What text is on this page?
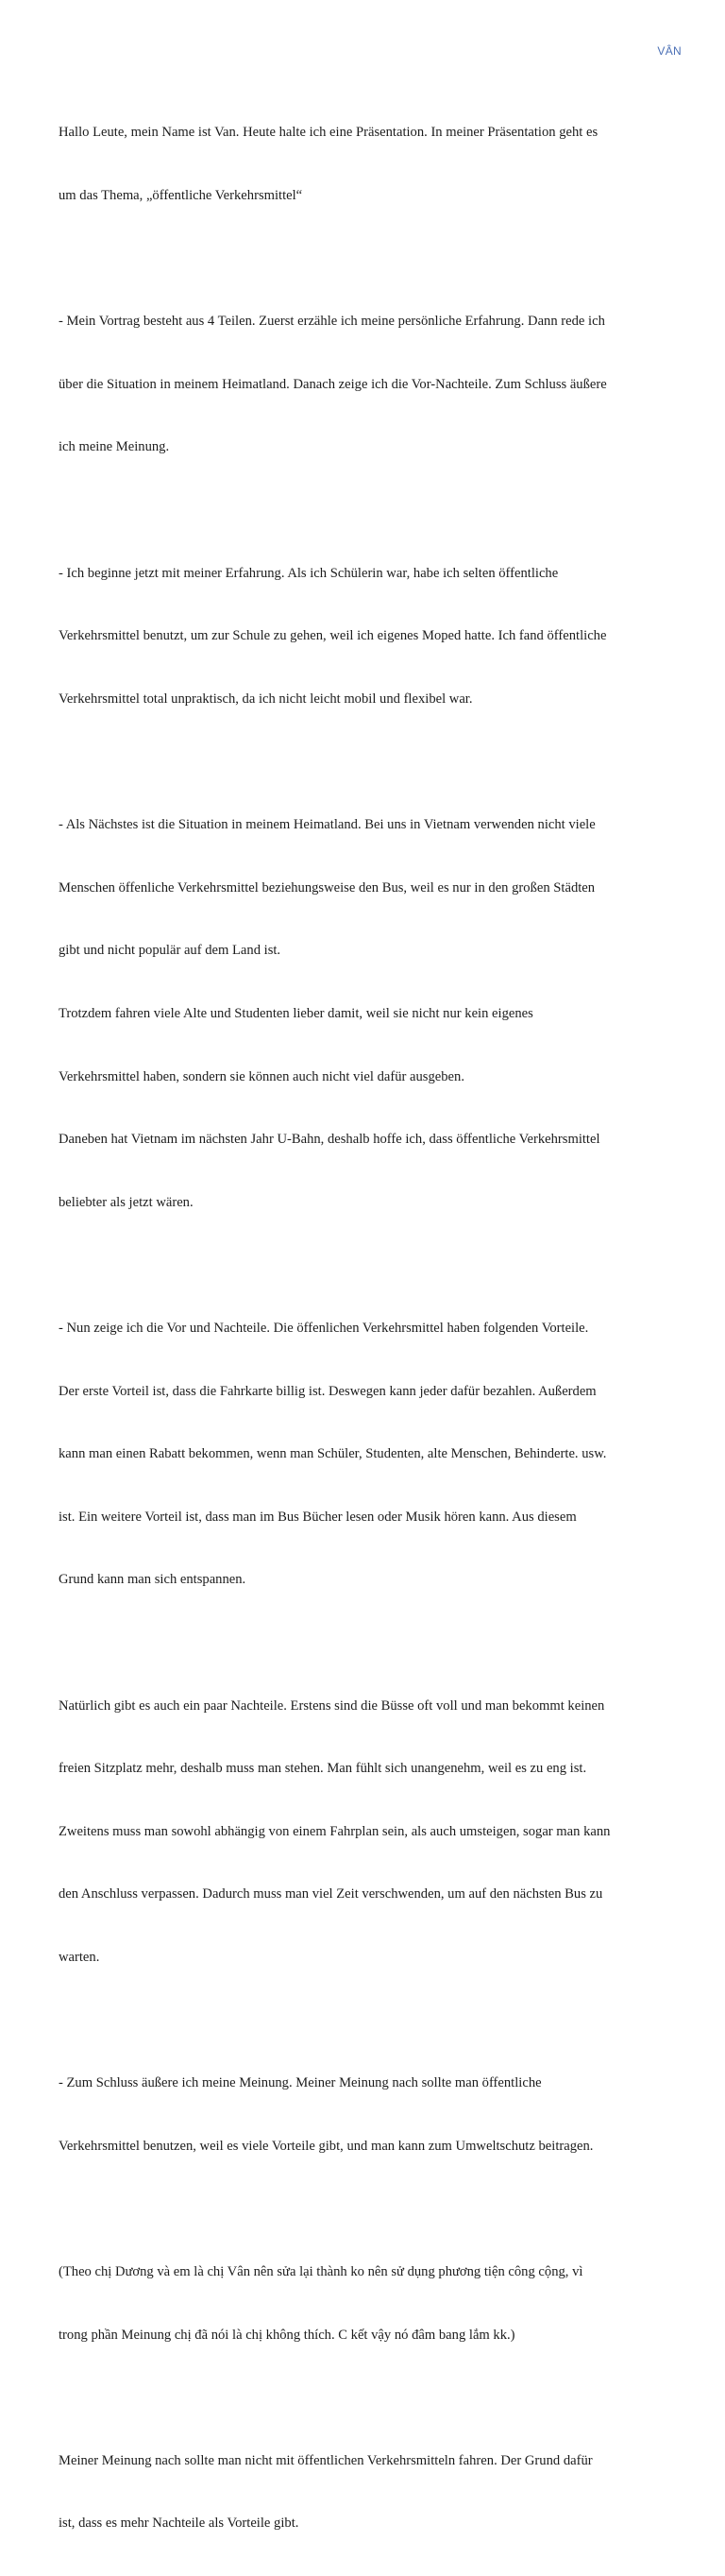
VÂN

Hallo Leute, mein Name ist Van. Heute halte ich eine Präsentation. In meiner Präsentation geht es

um das Thema, „öffentliche Verkehrsmittel“

- Mein Vortrag besteht aus 4 Teilen. Zuerst erzähle ich meine persönliche Erfahrung. Dann rede ich

über die Situation in meinem Heimatland. Danach zeige ich die Vor-Nachteile. Zum Schluss äußere

ich meine Meinung.

- Ich beginne jetzt mit meiner Erfahrung. Als ich Schülerin war, habe ich selten öffentliche

Verkehrsmittel benutzt, um zur Schule zu gehen, weil ich eigenes Moped hatte. Ich fand öffentliche

Verkehrsmittel total unpraktisch, da ich nicht leicht mobil und flexibel war.

- Als Nächstes ist die Situation in meinem Heimatland. Bei uns in Vietnam verwenden nicht viele

Menschen öffenliche Verkehrsmittel beziehungsweise den Bus, weil es nur in den großen Städten

gibt und nicht populär auf dem Land ist.

Trotzdem fahren viele Alte und Studenten lieber damit, weil sie nicht nur kein eigenes

Verkehrsmittel haben, sondern sie können auch nicht viel dafür ausgeben.

Daneben hat Vietnam im nächsten Jahr U-Bahn, deshalb hoffe ich, dass öffentliche Verkehrsmittel

beliebter als jetzt wären.

- Nun zeige ich die Vor und Nachteile. Die öffenlichen Verkehrsmittel haben folgenden Vorteile.

Der erste Vorteil ist, dass die Fahrkarte billig ist. Deswegen kann jeder dafür bezahlen. Außerdem

kann man einen Rabatt bekommen, wenn man Schüler, Studenten, alte Menschen, Behinderte. usw.

ist. Ein weitere Vorteil ist, dass man im Bus Bücher lesen oder Musik hören kann. Aus diesem

Grund kann man sich entspannen.

Natürlich gibt es auch ein paar Nachteile. Erstens sind die Büsse oft voll und man bekommt keinen

freien Sitzplatz mehr, deshalb muss man stehen. Man fühlt sich unangenehm, weil es zu eng ist.

Zweitens muss man sowohl abhängig von einem Fahrplan sein, als auch umsteigen, sogar man kann

den Anschluss verpassen. Dadurch muss man viel Zeit verschwenden, um auf den nächsten Bus zu

warten.

- Zum Schluss äußere ich meine Meinung. Meiner Meinung nach sollte man öffentliche

Verkehrsmittel benutzen, weil es viele Vorteile gibt, und man kann zum Umweltschutz beitragen.

(Theo chị Dương và em là chị Vân nên sửa lại thành ko nên sử dụng phương tiện công cộng, vì

trong phần Meinung chị đã nói là chị không thích. C kết vậy nó đâm bang lắm kk.)

Meiner Meinung nach sollte man nicht mit öffentlichen Verkehrsmitteln fahren. Der Grund dafür

ist, dass es mehr Nachteile als Vorteile gibt.
